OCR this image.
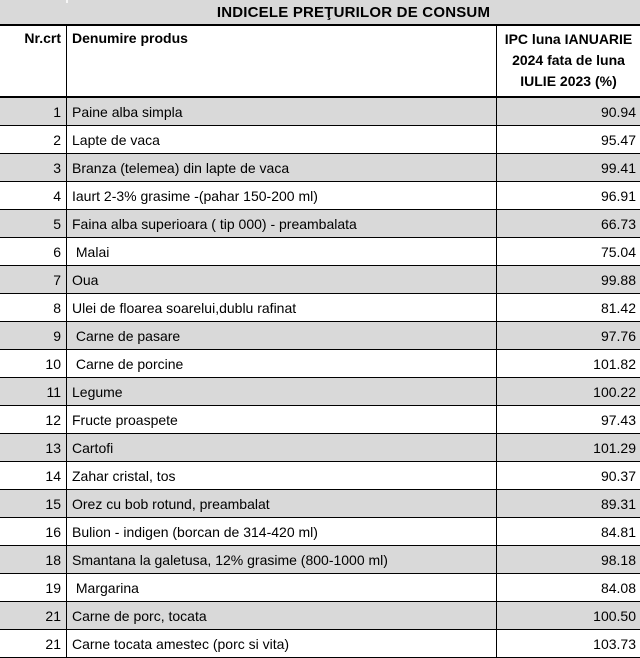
INDICELE PREŢURILOR DE CONSUM
Nr.crt Denumire produs	IPC luna IANUARIE
2024 fata de luna
IULIE 2023 (%)
1 Paine alba simpla	90.94
2 Lapte de vaca	95.47
3 Branza (telemea) din lapte de vaca	99.41
4 Iaurt 2-3% grasime -(pahar 150-200 ml)	96.91
5 Faina alba superioara ( tip 000) - preambalata	66.73
6 Malai	75.04
7 Oua	99.88
8 Ulei de floarea soarelui,dublu rafinat	81.42
9 Carne de pasare	97.76
10 Carne de porcine	101.82
11 Legume	100.22
12 Fructe proaspete	97.43
13 Cartofi	101.29
14 Zahar cristal, tos	90.37
15 Orez cu bob rotund, preambalat	89.31
16 Bulion - indigen (borcan de 314-420 ml)	84.81
18 Smantana la galetusa, 12% grasime (800-1000 ml)	98.18
19 Margarina	84.08
21 Carne de porc, tocata	100.50
21 Carne tocata amestec (porc si vita)	103.73
